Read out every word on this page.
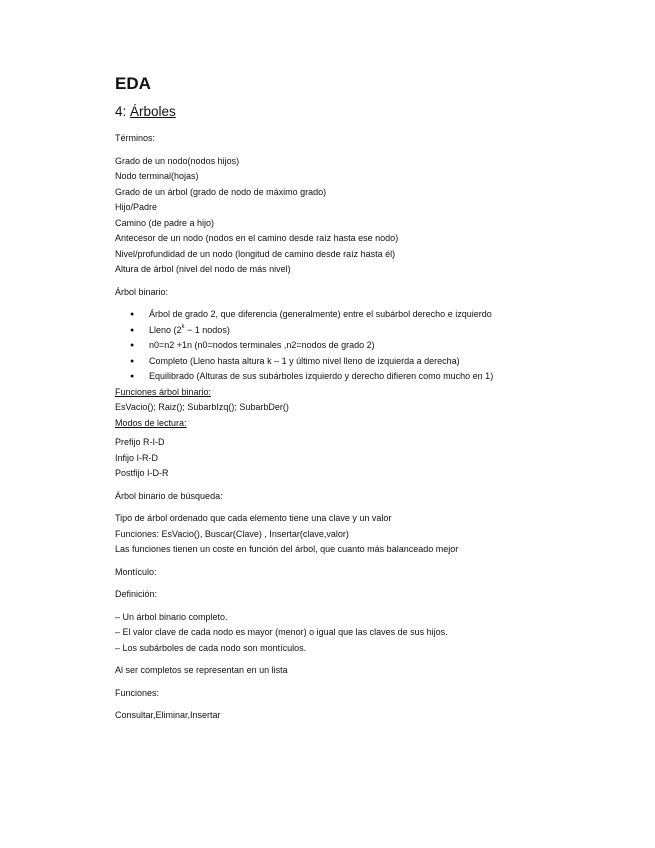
EDA
4: Árboles

Términos:

Grado de un nodo(nodos hijos)

Nodo terminal(hojas)

Grado de un árbol (grado de nodo de máximo grado)

Hijo/Padre

Camino (de padre a hijo)

Antecesor de un nodo (nodos en el camino desde raíz hasta ese nodo)

Nivel/profundidad de un nodo (longitud de camino desde raíz hasta él)

Altura de árbol (nivel del nodo de más nivel)

Árbol binario:

● Árbol de grado 2, que diferencia (generalmente) entre el subárbol derecho e izquierdo
● Lleno ($2^k - 1$ nodos)
● n0=n2 +1n (n0=nodos terminales ,n2=nodos de grado 2)
● Completo (Lleno hasta altura k – 1 y último nivel lleno de izquierda a derecha)
● Equilibrado (Alturas de sus subárboles izquierdo y derecho difieren como mucho en 1)

Funciones árbol binario:

EsVacio(); Raiz(); SubarbIzq(); SubarbDer()

Modos de lectura:

Prefijo R-I-D

Infijo I-R-D

Postfijo I-D-R

Árbol binario de búsqueda:

Tipo de árbol ordenado que cada elemento tiene una clave y un valor

Funciones: EsVacio(), Buscar(Clave) , Insertar(clave,valor)

Las funciones tienen un coste en función del árbol, que cuanto más balanceado mejor

Montículo:

Definición:

– Un árbol binario completo.

– El valor clave de cada nodo es mayor (menor) o igual que las claves de sus hijos.

– Los subárboles de cada nodo son montículos.

Al ser completos se representan en un lista

Funciones:

Consultar,Eliminar,Insertar
